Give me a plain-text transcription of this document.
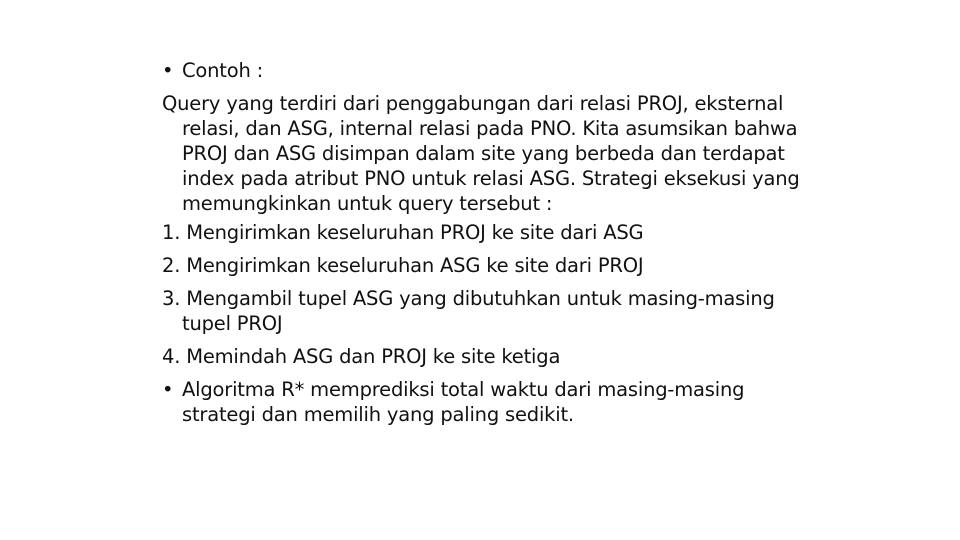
• Contoh :

Query yang terdiri dari penggabungan dari relasi PROJ, eksternal relasi, dan ASG, internal relasi pada PNO. Kita asumsikan bahwa PROJ dan ASG disimpan dalam site yang berbeda dan terdapat index pada atribut PNO untuk relasi ASG. Strategi eksekusi yang memungkinkan untuk query tersebut :

1. Mengirimkan keseluruhan PROJ ke site dari ASG

2. Mengirimkan keseluruhan ASG ke site dari PROJ

3. Mengambil tupel ASG yang dibutuhkan untuk masing-masing tupel PROJ

4. Memindah ASG dan PROJ ke site ketiga

• Algoritma R* memprediksi total waktu dari masing-masing strategi dan memilih yang paling sedikit.
